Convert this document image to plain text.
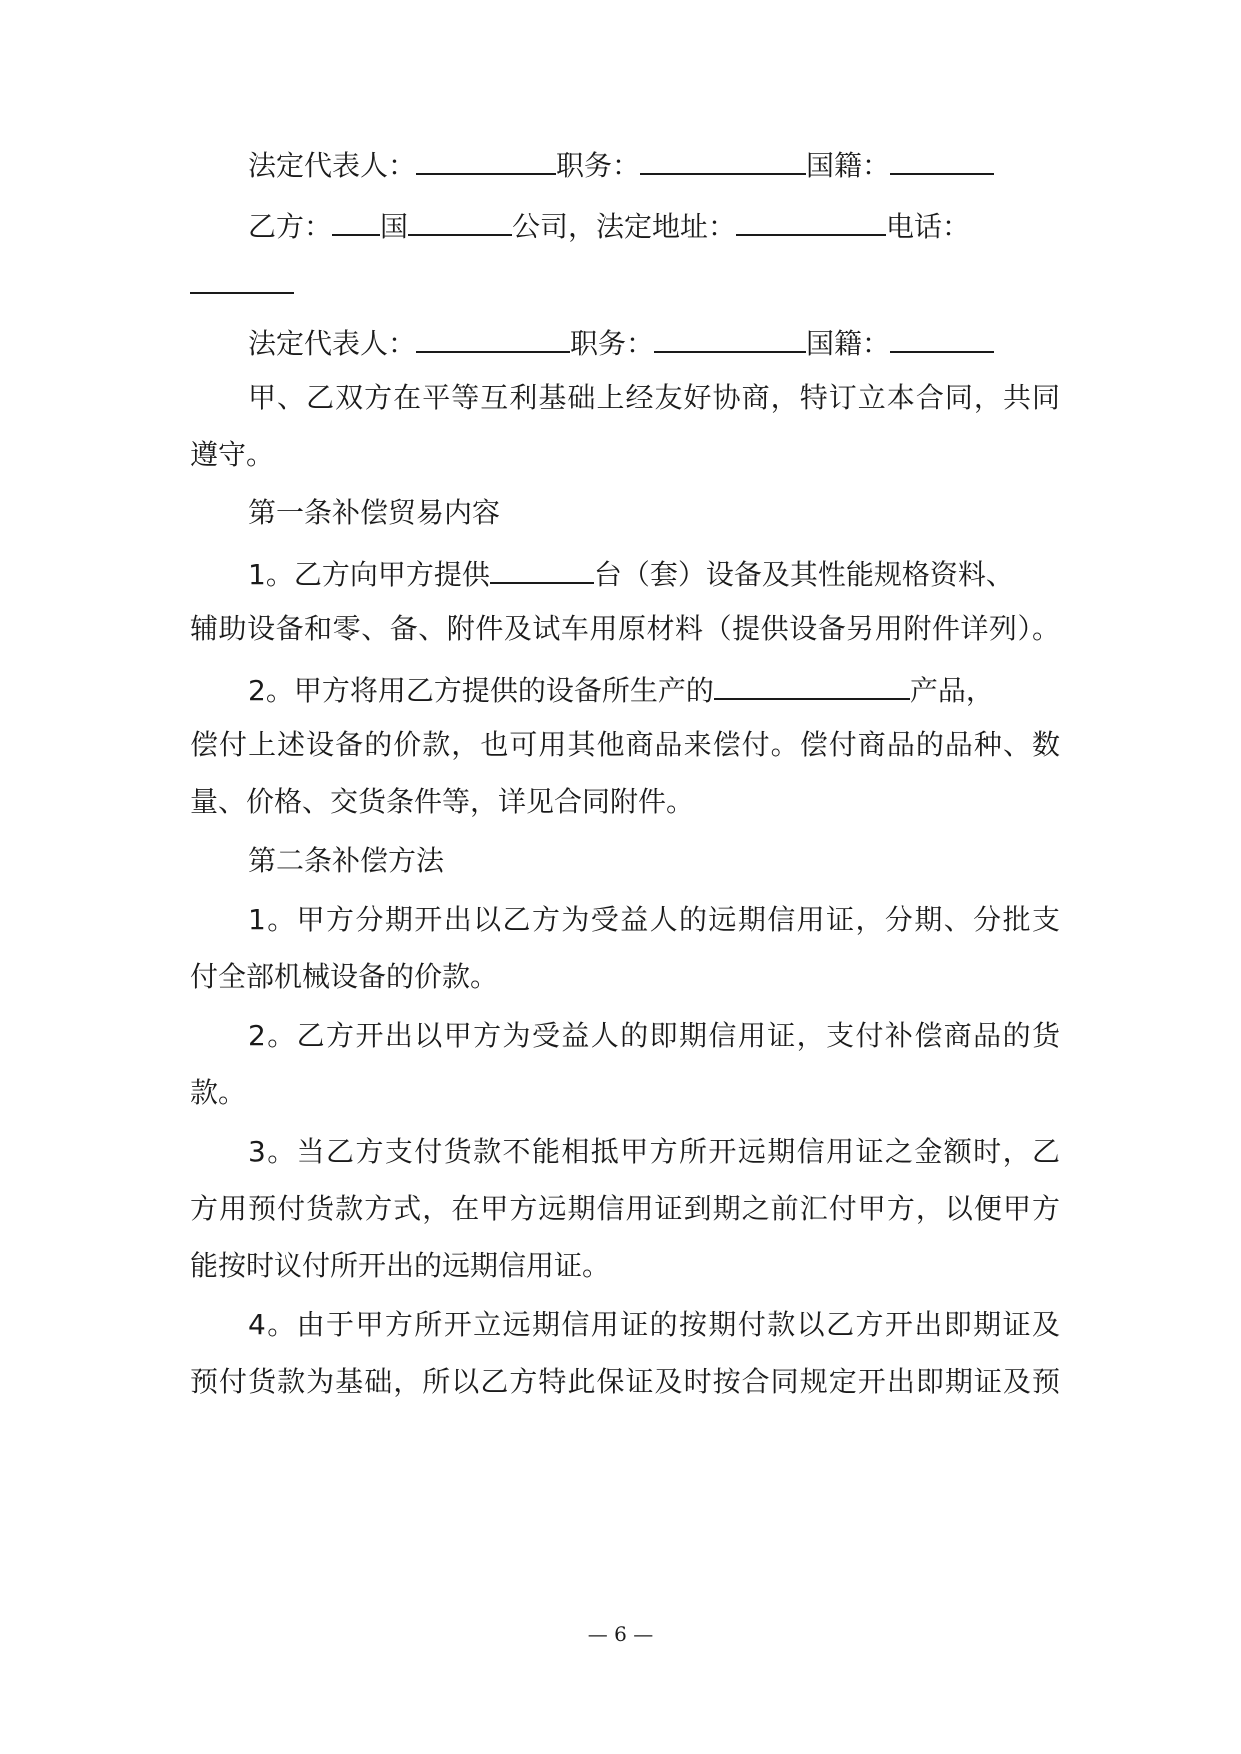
法定代表人：	职务：	国籍：
乙方： 国	公司，法定地址：	电话：
法定代表人：	职务：	国籍：
甲、乙双方在平等互利基础上经友好协商，特订立本合同，共同
遵守。
第一条补偿贸易内容
1。乙方向甲方提供	台（套）设备及其性能规格资料、
辅助设备和零、备、附件及试车用原材料（提供设备另用附件详列）。
2。甲方将用乙方提供的设备所生产的	产品，
偿付上述设备的价款，也可用其他商品来偿付。偿付商品的品种、数
量、价格、交货条件等，详见合同附件。
第二条补偿方法
1。甲方分期开出以乙方为受益人的远期信用证，分期、分批支
付全部机械设备的价款。
2。乙方开出以甲方为受益人的即期信用证，支付补偿商品的货
款。
3。当乙方支付货款不能相抵甲方所开远期信用证之金额时，乙
方用预付货款方式，在甲方远期信用证到期之前汇付甲方，以便甲方
能按时议付所开出的远期信用证。
4。由于甲方所开立远期信用证的按期付款以乙方开出即期证及
预付货款为基础，所以乙方特此保证及时按合同规定开出即期证及预
— 6 —
